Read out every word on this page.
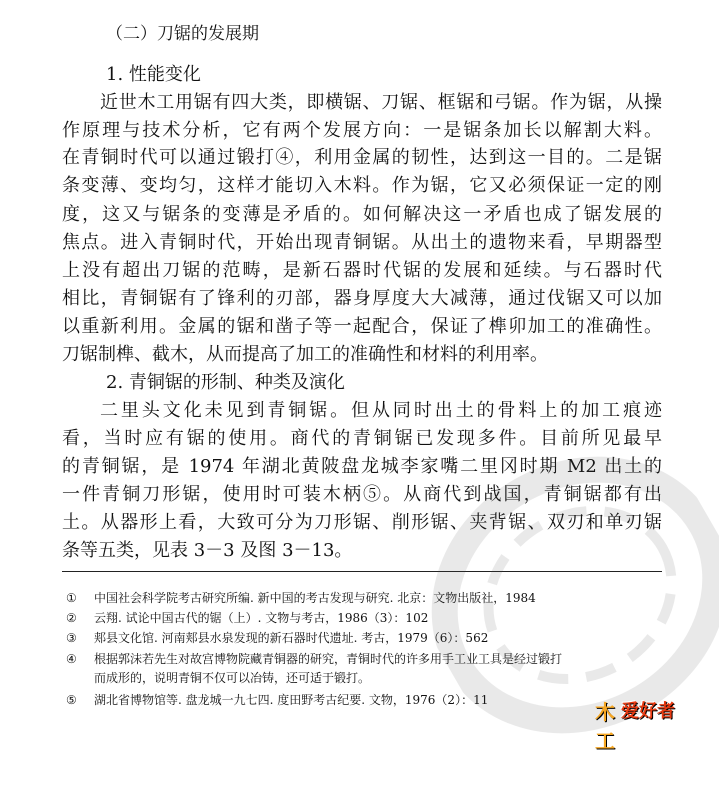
（二）刀锯的发展期
1. 性能变化
近世木工用锯有四大类，即横锯、刀锯、框锯和弓锯。作为锯，从操
作原理与技术分析，它有两个发展方向：一是锯条加长以解割大料。
在青铜时代可以通过锻打④，利用金属的韧性，达到这一目的。二是锯
条变薄、变均匀，这样才能切入木料。作为锯，它又必须保证一定的刚
度，这又与锯条的变薄是矛盾的。如何解决这一矛盾也成了锯发展的
焦点。进入青铜时代，开始出现青铜锯。从出土的遗物来看，早期器型
上没有超出刀锯的范畴，是新石器时代锯的发展和延续。与石器时代
相比，青铜锯有了锋利的刃部，器身厚度大大减薄，通过伐锯又可以加
以重新利用。金属的锯和凿子等一起配合，保证了榫卯加工的准确性。
刀锯制榫、截木，从而提高了加工的准确性和材料的利用率。
2. 青铜锯的形制、种类及演化
二里头文化未见到青铜锯。但从同时出土的骨料上的加工痕迹
看，当时应有锯的使用。商代的青铜锯已发现多件。目前所见最早
的青铜锯，是 1974 年湖北黄陂盘龙城李家嘴二里冈时期 M2 出土的
一件青铜刀形锯，使用时可装木柄⑤。从商代到战国，青铜锯都有出
土。从器形上看，大致可分为刀形锯、削形锯、夹背锯、双刃和单刃锯
条等五类，见表 3－3 及图 3－13。
① 中国社会科学院考古研究所编. 新中国的考古发现与研究. 北京：文物出版社，1984
② 云翔. 试论中国古代的锯（上）. 文物与考古，1986（3）：102
③ 郏县文化馆. 河南郏县水泉发现的新石器时代遗址. 考古，1979（6）：562
④ 根据郭沫若先生对故宫博物院藏青铜器的研究，青铜时代的许多用手工业工具是经过锻打
而成形的，说明青铜不仅可以冶铸，还可适于锻打。
⑤ 湖北省博物馆等. 盘龙城一九七四. 度田野考古纪要. 文物，1976（2）：11	木工
爱好者
